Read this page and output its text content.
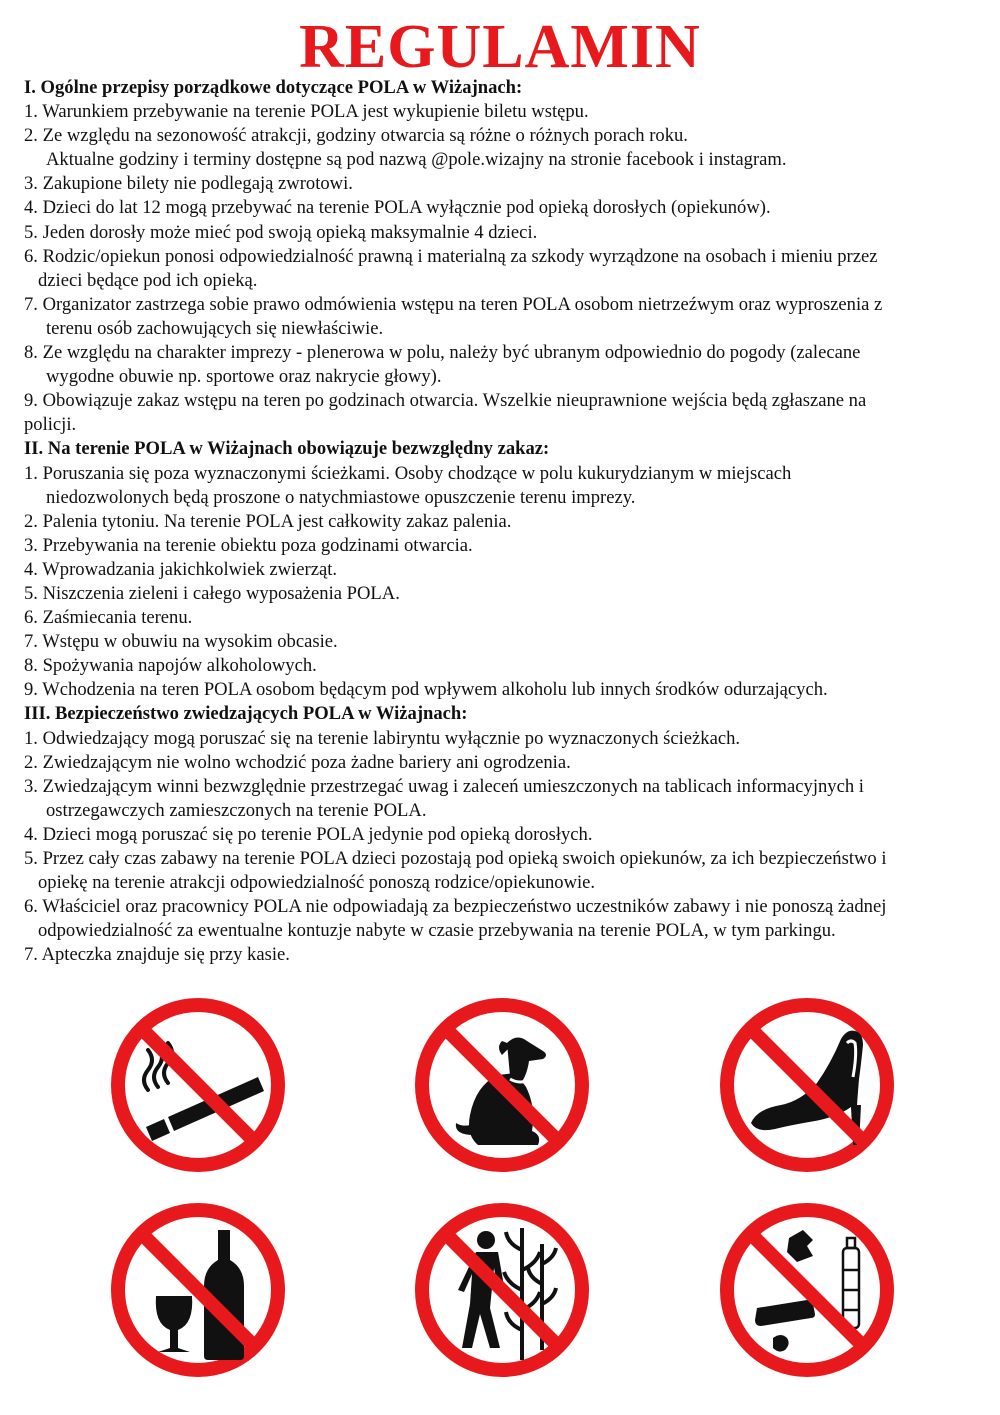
REGULAMIN
I. Ogólne przepisy porządkowe dotyczące POLA w Wiżajnach:
1. Warunkiem przebywanie na terenie POLA jest wykupienie biletu wstępu.
2. Ze względu na sezonowość atrakcji, godziny otwarcia są różne o różnych porach roku.
Aktualne godziny i terminy dostępne są pod nazwą @pole.wizajny na stronie facebook i instagram.
3. Zakupione bilety nie podlegają zwrotowi.
4. Dzieci do lat 12 mogą przebywać na terenie POLA wyłącznie pod opieką dorosłych (opiekunów).
5. Jeden dorosły może mieć pod swoją opieką maksymalnie 4 dzieci.
6. Rodzic/opiekun ponosi odpowiedzialność prawną i materialną za szkody wyrządzone na osobach i mieniu przez
dzieci będące pod ich opieką.
7. Organizator zastrzega sobie prawo odmówienia wstępu na teren POLA osobom nietrzeźwym oraz wyproszenia z
terenu osób zachowujących się niewłaściwie.
8. Ze względu na charakter imprezy - plenerowa w polu, należy być ubranym odpowiednio do pogody (zalecane
wygodne obuwie np. sportowe oraz nakrycie głowy).
9. Obowiązuje zakaz wstępu na teren po godzinach otwarcia. Wszelkie nieuprawnione wejścia będą zgłaszane na
policji.
II. Na terenie POLA w Wiżajnach obowiązuje bezwzględny zakaz:
1. Poruszania się poza wyznaczonymi ścieżkami. Osoby chodzące w polu kukurydzianym w miejscach
niedozwolonych będą proszone o natychmiastowe opuszczenie terenu imprezy.
2. Palenia tytoniu. Na terenie POLA jest całkowity zakaz palenia.
3. Przebywania na terenie obiektu poza godzinami otwarcia.
4. Wprowadzania jakichkolwiek zwierząt.
5. Niszczenia zieleni i całego wyposażenia POLA.
6. Zaśmiecania terenu.
7. Wstępu w obuwiu na wysokim obcasie.
8. Spożywania napojów alkoholowych.
9. Wchodzenia na teren POLA osobom będącym pod wpływem alkoholu lub innych środków odurzających.
III. Bezpieczeństwo zwiedzających POLA w Wiżajnach:
1. Odwiedzający mogą poruszać się na terenie labiryntu wyłącznie po wyznaczonych ścieżkach.
2. Zwiedzającym nie wolno wchodzić poza żadne bariery ani ogrodzenia.
3. Zwiedzającym winni bezwzględnie przestrzegać uwag i zaleceń umieszczonych na tablicach informacyjnych i
ostrzegawczych zamieszczonych na terenie POLA.
4. Dzieci mogą poruszać się po terenie POLA jedynie pod opieką dorosłych.
5. Przez cały czas zabawy na terenie POLA dzieci pozostają pod opieką swoich opiekunów, za ich bezpieczeństwo i
opiekę na terenie atrakcji odpowiedzialność ponoszą rodzice/opiekunowie.
6. Właściciel oraz pracownicy POLA nie odpowiadają za bezpieczeństwo uczestników zabawy i nie ponoszą żadnej
odpowiedzialność za ewentualne kontuzje nabyte w czasie przebywania na terenie POLA, w tym parkingu.
7. Apteczka znajduje się przy kasie.
